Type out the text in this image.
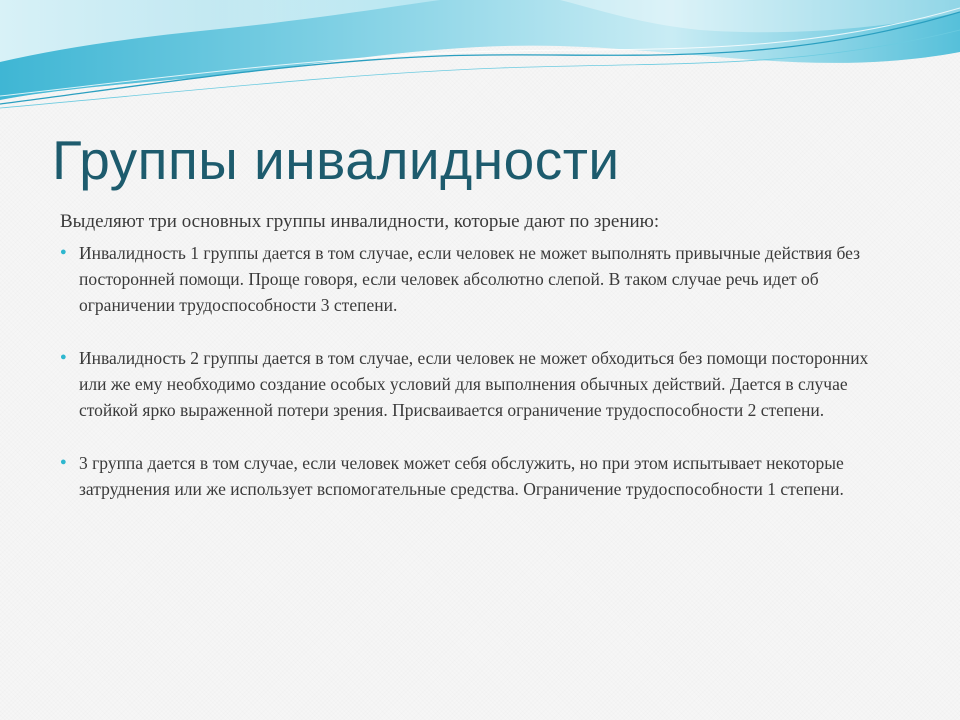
Группы инвалидности

Выделяют три основных группы инвалидности, которые дают по зрению:

● Инвалидность 1 группы дается в том случае, если человек не может выполнять привычные действия без посторонней помощи. Проще говоря, если человек абсолютно слепой. В таком случае речь идет об ограничении трудоспособности 3 степени.
● Инвалидность 2 группы дается в том случае, если человек не может обходиться без помощи посторонних или же ему необходимо создание особых условий для выполнения обычных действий. Дается в случае стойкой ярко выраженной потери зрения. Присваивается ограничение трудоспособности 2 степени.
● 3 группа дается в том случае, если человек может себя обслужить, но при этом испытывает некоторые затруднения или же использует вспомогательные средства. Ограничение трудоспособности 1 степени.
